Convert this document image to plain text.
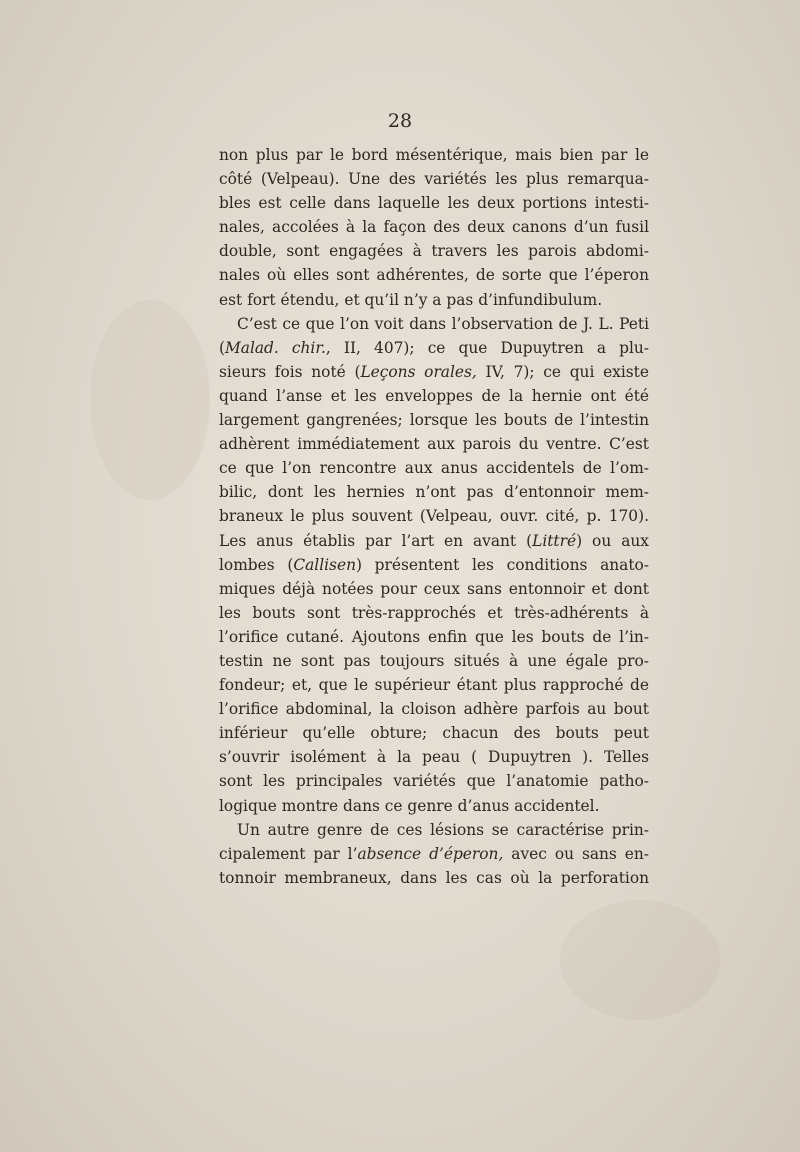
28

non plus par le bord mésentérique, mais bien par le
côté (Velpeau). Une des variétés les plus remarqua-
bles est celle dans laquelle les deux portions intesti-
nales, accolées à la façon des deux canons d’un fusil
double, sont engagées à travers les parois abdomi-
nales où elles sont adhérentes, de sorte que l’éperon
est fort étendu, et qu’il n’y a pas d’infundibulum.
C’est ce que l’on voit dans l’observation de J. L. Peti
(Malad. chir., II, 407); ce que Dupuytren a plu-
sieurs fois noté (Leçons orales, IV, 7); ce qui existe
quand l’anse et les enveloppes de la hernie ont été
largement gangrenées; lorsque les bouts de l’intestin
adhèrent immédiatement aux parois du ventre. C’est
ce que l’on rencontre aux anus accidentels de l’om-
bilic, dont les hernies n’ont pas d’entonnoir mem-
braneux le plus souvent (Velpeau, ouvr. cité, p. 170).
Les anus établis par l’art en avant (Littré) ou aux
lombes (Callisen) présentent les conditions anato-
miques déjà notées pour ceux sans entonnoir et dont
les bouts sont très-rapprochés et très-adhérents à
l’orifice cutané. Ajoutons enfin que les bouts de l’in-
testin ne sont pas toujours situés à une égale pro-
fondeur; et, que le supérieur étant plus rapproché de
l’orifice abdominal, la cloison adhère parfois au bout
inférieur qu’elle obture; chacun des bouts peut
s’ouvrir isolément à la peau ( Dupuytren ). Telles
sont les principales variétés que l’anatomie patho-
logique montre dans ce genre d’anus accidentel.
Un autre genre de ces lésions se caractérise prin-
cipalement par l’absence d’éperon, avec ou sans en-
tonnoir membraneux, dans les cas où la perforation
